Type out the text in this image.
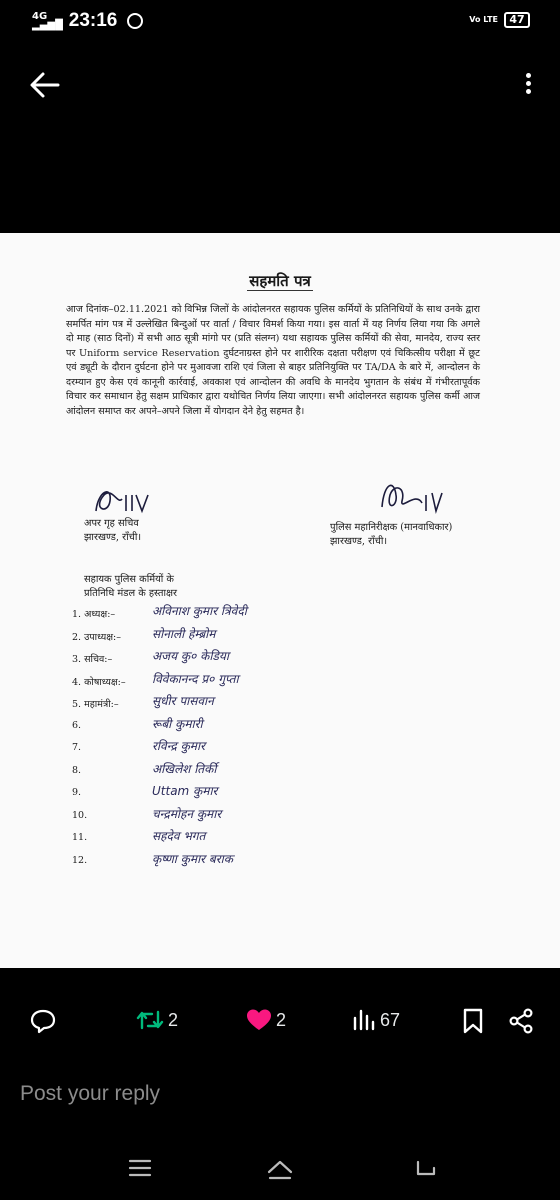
4G
▂▄▆█ 23:16	Vo LTE	47
सहमति पत्र
आज दिनांक–02.11.2021 को विभिन्न जिलों के आंदोलनरत सहायक पुलिस कर्मियों के प्रतिनिधियों के साथ उनके द्वारा समर्पित मांग पत्र में उल्लेखित बिन्दुओं पर वार्ता / विचार विमर्श किया गया। इस वार्ता में यह निर्णय लिया गया कि अगले दो माह (साठ दिनों) में सभी आठ सूत्री मांगो पर (प्रति संलग्न) यथा सहायक पुलिस कर्मियों की सेवा, मानदेय, राज्य स्तर पर Uniform service Reservation दुर्घटनाग्रस्त होने पर शारीरिक दक्षता परीक्षण एवं चिकित्सीय परीक्षा में छूट एवं ड्यूटी के दौरान दुर्घटना होने पर मुआवजा राशि एवं जिला से बाहर प्रतिनियुक्ति पर TA/DA के बारे में, आन्दोलन के दरम्यान हुए केस एवं कानूनी कार्रवाई, अवकाश एवं आन्दोलन की अवधि के मानदेय भुगतान के संबंध में गंभीरतापूर्वक विचार कर समाधान हेतु सक्षम प्राधिकार द्वारा यथोचित निर्णय लिया जाएगा। सभी आंदोलनरत सहायक पुलिस कर्मी आज आंदोलन समाप्त कर अपने–अपने जिला में योगदान देने हेतु सहमत है।
अपर गृह सचिव
झारखण्ड, राँची।
पुलिस महानिरीक्षक (मानवाधिकार)
झारखण्ड, राँची।
सहायक पुलिस कर्मियों के
प्रतिनिधि मंडल के हस्ताक्षर
1. अध्यक्ष:–	अविनाश कुमार त्रिवेदी
2. उपाध्यक्ष:–	सोनाली हेम्ब्रोम
3. सचिव:–	अजय कु० केडिया
4. कोषाध्यक्ष:– विवेकानन्द प्र० गुप्ता
5. महामंत्री:–	सुधीर पासवान
6.	रूबी कुमारी
7.	रविन्द्र कुमार
8.	अखिलेश तिर्की
9.	Uttam कुमार
10.	चन्द्रमोहन कुमार
11.	सहदेव भगत
12.	कृष्णा कुमार बराक
2	2	67
Post your reply
